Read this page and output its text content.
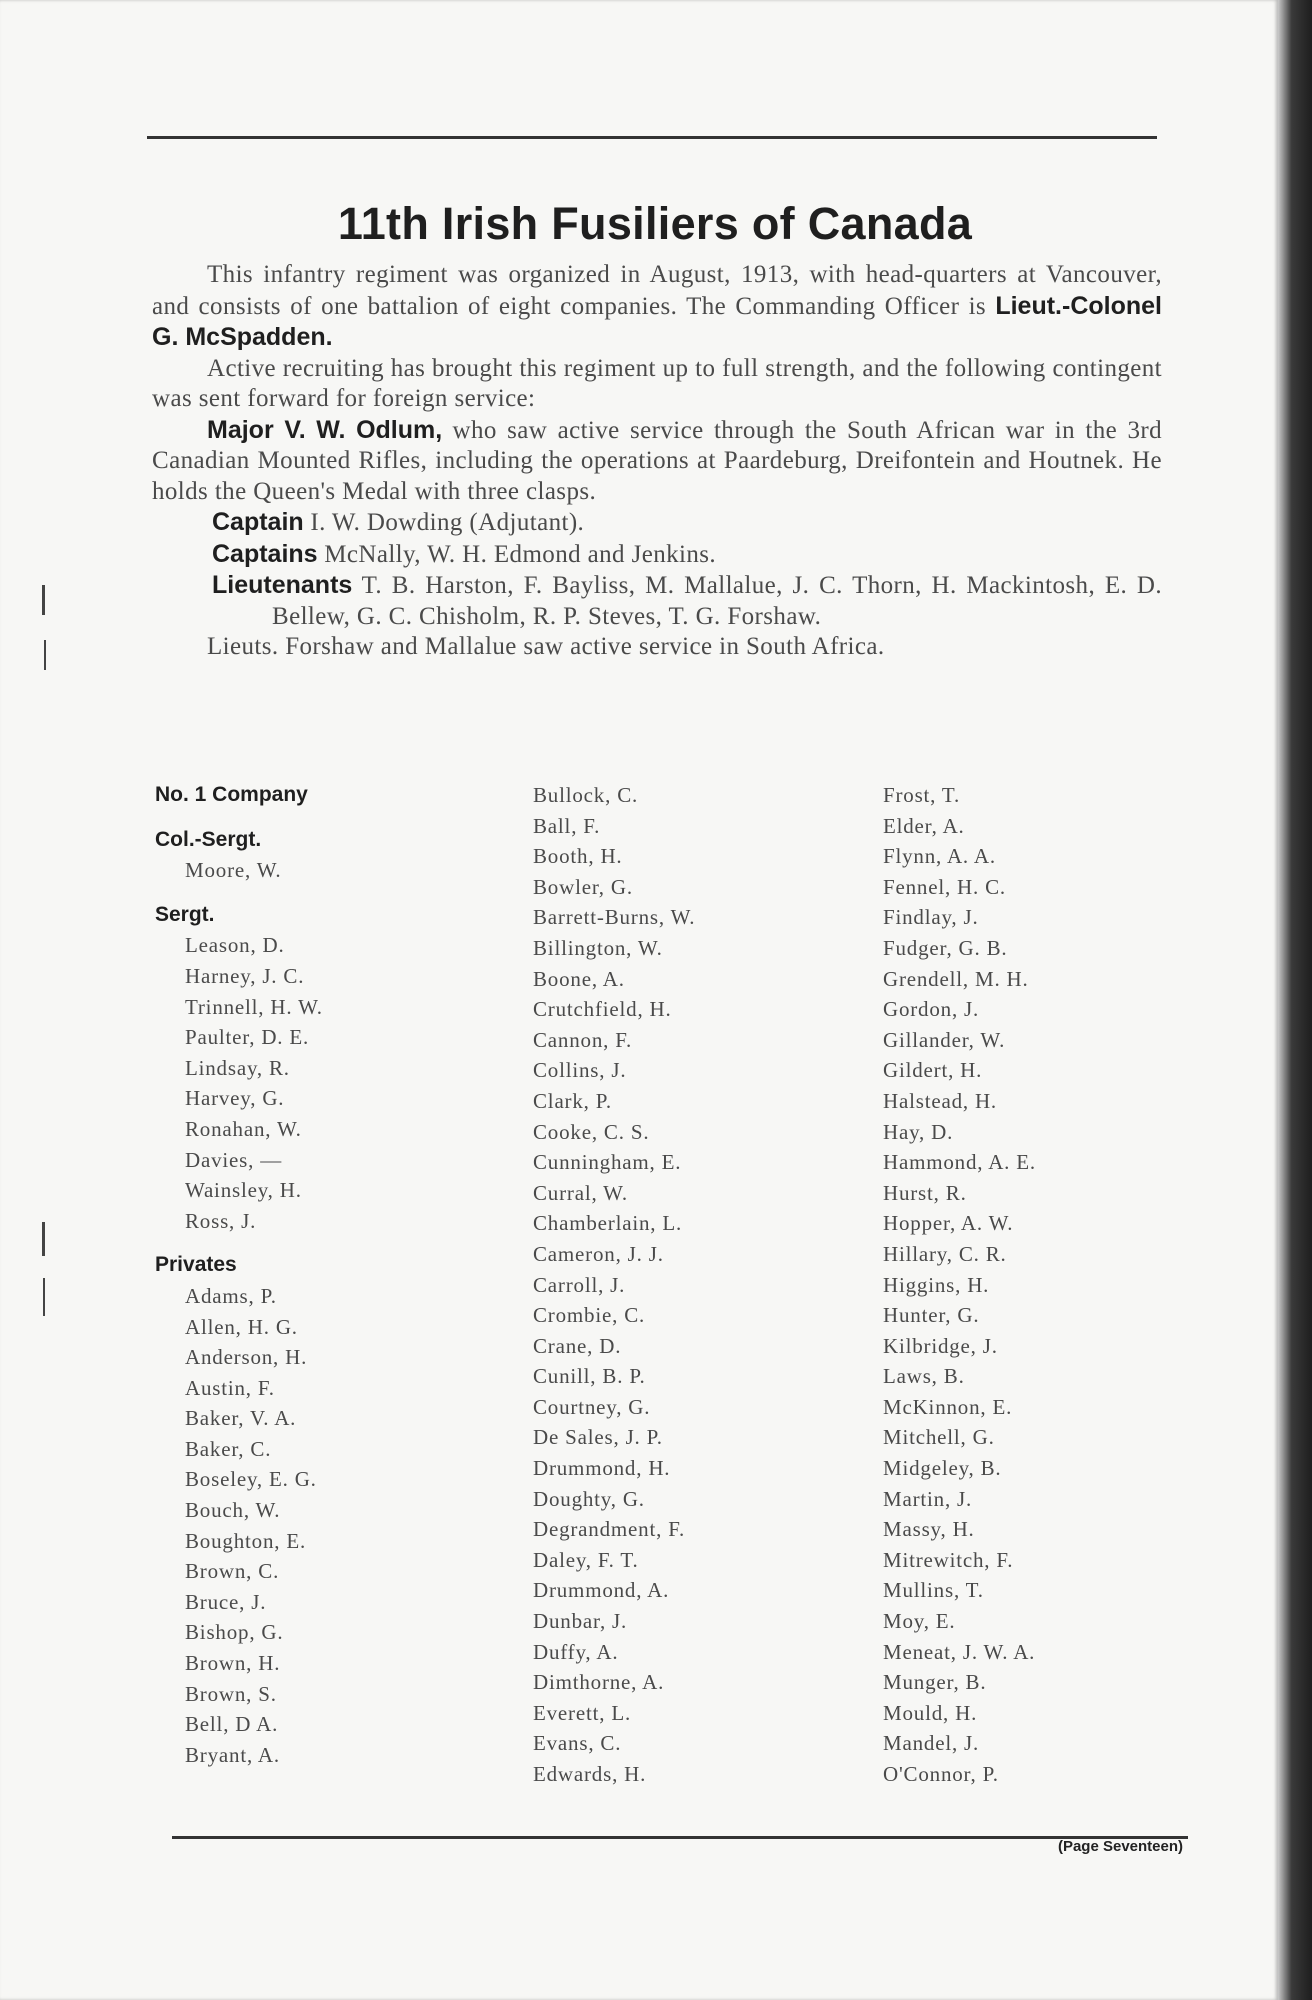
11th Irish Fusiliers of Canada

This infantry regiment was organized in August, 1913, with head-quarters at Vancouver, and consists of one battalion of eight companies. The Commanding Officer is Lieut.-Colonel G. McSpadden.

Active recruiting has brought this regiment up to full strength, and the following contingent was sent forward for foreign service:

Major V. W. Odlum, who saw active service through the South African war in the 3rd Canadian Mounted Rifles, including the operations at Paardeburg, Dreifontein and Houtnek. He holds the Queen's Medal with three clasps.

Captain I. W. Dowding (Adjutant).

Captains McNally, W. H. Edmond and Jenkins.

Lieutenants T. B. Harston, F. Bayliss, M. Mallalue, J. C. Thorn, H. Mackintosh, E. D. Bellew, G. C. Chisholm, R. P. Steves, T. G. Forshaw.

Lieuts. Forshaw and Mallalue saw active service in South Africa.

No. 1 Company
Col.-Sergt.
Moore, W.
Sergt.
Leason, D.
Harney, J. C.
Trinnell, H. W.
Paulter, D. E.
Lindsay, R.
Harvey, G.
Ronahan, W.
Davies, —
Wainsley, H.
Ross, J.
Privates
Adams, P.
Allen, H. G.
Anderson, H.
Austin, F.
Baker, V. A.
Baker, C.
Boseley, E. G.
Bouch, W.
Boughton, E.
Brown, C.
Bruce, J.
Bishop, G.
Brown, H.
Brown, S.
Bell, D A.
Bryant, A.
Bullock, C.
Ball, F.
Booth, H.
Bowler, G.
Barrett-Burns, W.
Billington, W.
Boone, A.
Crutchfield, H.
Cannon, F.
Collins, J.
Clark, P.
Cooke, C. S.
Cunningham, E.
Curral, W.
Chamberlain, L.
Cameron, J. J.
Carroll, J.
Crombie, C.
Crane, D.
Cunill, B. P.
Courtney, G.
De Sales, J. P.
Drummond, H.
Doughty, G.
Degrandment, F.
Daley, F. T.
Drummond, A.
Dunbar, J.
Duffy, A.
Dimthorne, A.
Everett, L.
Evans, C.
Edwards, H.
Frost, T.
Elder, A.
Flynn, A. A.
Fennel, H. C.
Findlay, J.
Fudger, G. B.
Grendell, M. H.
Gordon, J.
Gillander, W.
Gildert, H.
Halstead, H.
Hay, D.
Hammond, A. E.
Hurst, R.
Hopper, A. W.
Hillary, C. R.
Higgins, H.
Hunter, G.
Kilbridge, J.
Laws, B.
McKinnon, E.
Mitchell, G.
Midgeley, B.
Martin, J.
Massy, H.
Mitrewitch, F.
Mullins, T.
Moy, E.
Meneat, J. W. A.
Munger, B.
Mould, H.
Mandel, J.
O'Connor, P.
(Page Seventeen)
